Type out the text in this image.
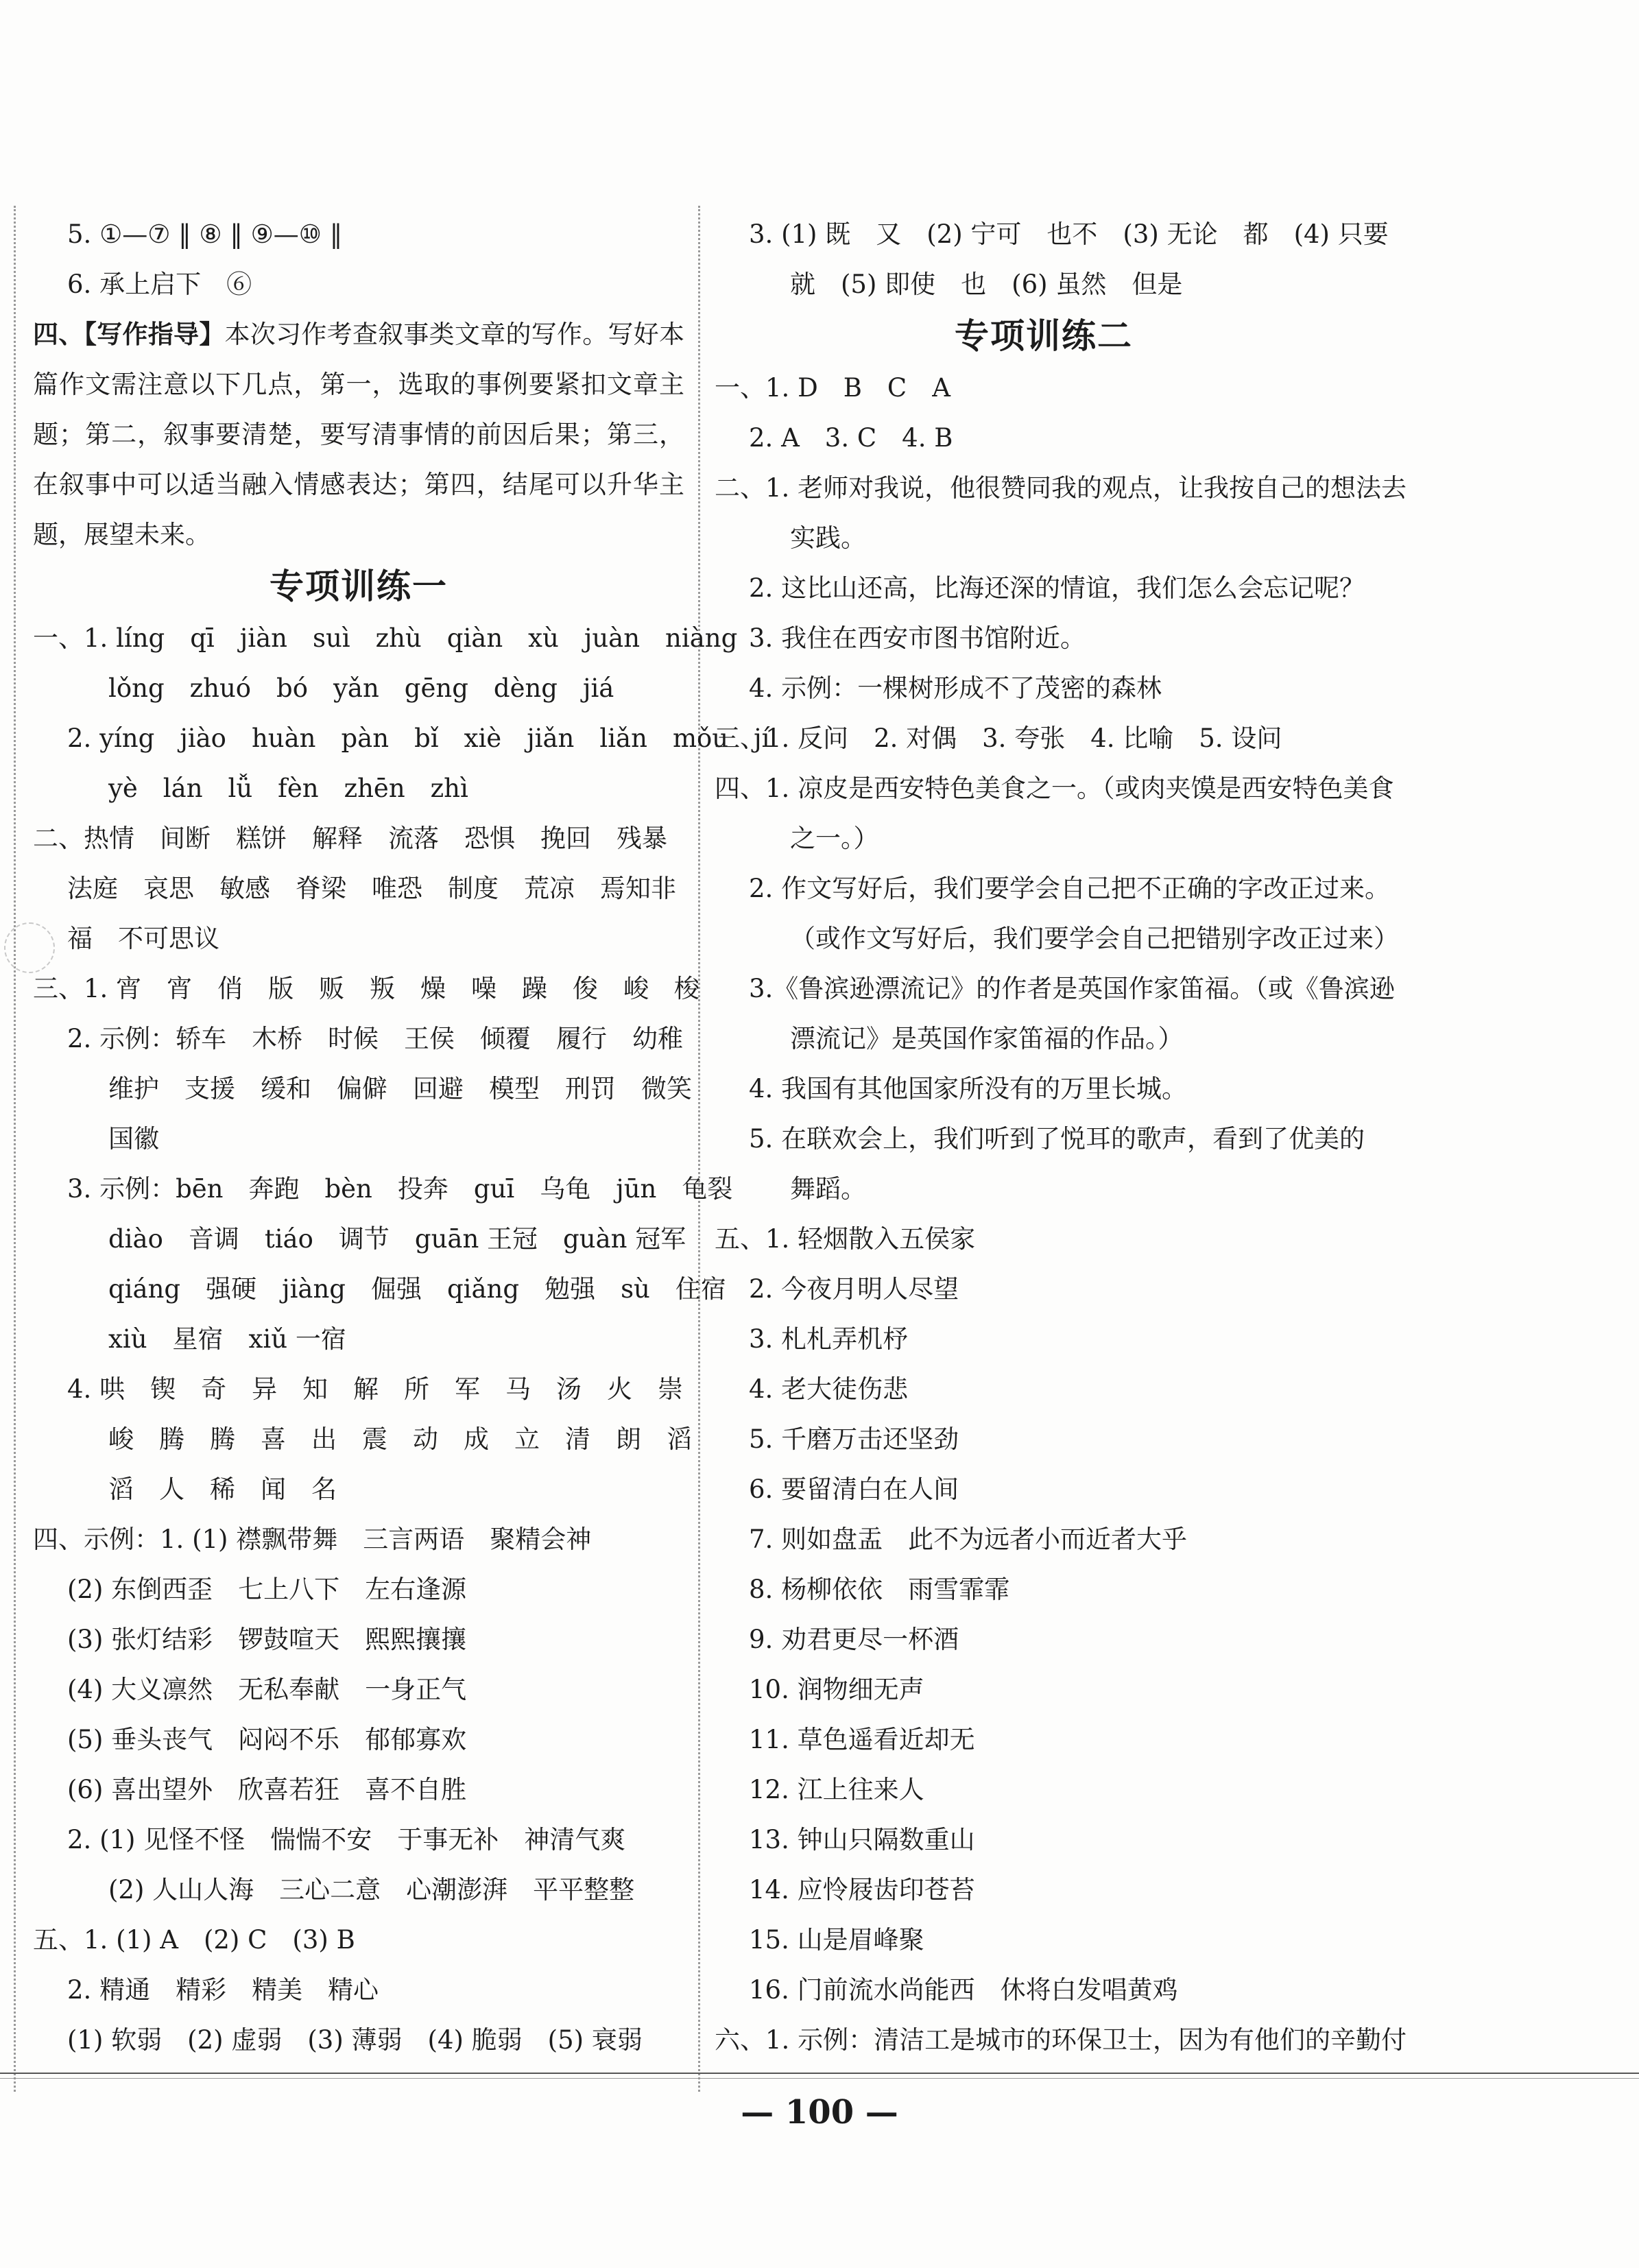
5. ①—⑦ ‖ ⑧ ‖ ⑨—⑩ ‖
6. 承上启下　⑥
四、【写作指导】本次习作考查叙事类文章的写作。写好本篇作文需注意以下几点，第一，选取的事例要紧扣文章主题；第二，叙事要清楚，要写清事情的前因后果；第三，在叙事中可以适当融入情感表达；第四，结尾可以升华主题，展望未来。
专项训练一
一、1. líng　qī　jiàn　suì　zhù　qiàn　xù　juàn　niàng
lǒng　zhuó　bó　yǎn　gēng　dèng　jiá
2. yíng　jiào　huàn　pàn　bǐ　xiè　jiǎn　liǎn　mǒu　jí
yè　lán　lǚ　fèn　zhēn　zhì
二、热情　间断　糕饼　解释　流落　恐惧　挽回　残暴
法庭　哀思　敏感　脊梁　唯恐　制度　荒凉　焉知非
福　不可思议
三、1. 宵　宵　俏　版　贩　叛　燥　噪　躁　俊　峻　梭
2. 示例：轿车　木桥　时候　王侯　倾覆　履行　幼稚
维护　支援　缓和　偏僻　回避　模型　刑罚　微笑
国徽
3. 示例：bēn　奔跑　bèn　投奔　guī　乌龟　jūn　龟裂
diào　音调　tiáo　调节　guān 王冠　guàn 冠军
qiáng　强硬　jiàng　倔强　qiǎng　勉强　sù　住宿
xiù　星宿　xiǔ 一宿
4. 哄　锲　奇　异　知　解　所　军　马　汤　火　崇
峻　腾　腾　喜　出　震　动　成　立　清　朗　滔
滔　人　稀　闻　名
四、示例：1. (1) 襟飘带舞　三言两语　聚精会神
(2) 东倒西歪　七上八下　左右逢源
(3) 张灯结彩　锣鼓喧天　熙熙攘攘
(4) 大义凛然　无私奉献　一身正气
(5) 垂头丧气　闷闷不乐　郁郁寡欢
(6) 喜出望外　欣喜若狂　喜不自胜
2. (1) 见怪不怪　惴惴不安　于事无补　神清气爽
(2) 人山人海　三心二意　心潮澎湃　平平整整
五、1. (1) A　(2) C　(3) B
2. 精通　精彩　精美　精心
(1) 软弱　(2) 虚弱　(3) 薄弱　(4) 脆弱　(5) 衰弱
3. (1) 既　又　(2) 宁可　也不　(3) 无论　都　(4) 只要
就　(5) 即使　也　(6) 虽然　但是
专项训练二
一、1. D　B　C　A
2. A　3. C　4. B
二、1. 老师对我说，他很赞同我的观点，让我按自己的想法去
实践。
2. 这比山还高，比海还深的情谊，我们怎么会忘记呢？
3. 我住在西安市图书馆附近。
4. 示例：一棵树形成不了茂密的森林
三、1. 反问　2. 对偶　3. 夸张　4. 比喻　5. 设问
四、1. 凉皮是西安特色美食之一。（或肉夹馍是西安特色美食
之一。）
2. 作文写好后，我们要学会自己把不正确的字改正过来。
（或作文写好后，我们要学会自己把错别字改正过来）
3.《鲁滨逊漂流记》的作者是英国作家笛福。（或《鲁滨逊
漂流记》是英国作家笛福的作品。）
4. 我国有其他国家所没有的万里长城。
5. 在联欢会上，我们听到了悦耳的歌声，看到了优美的
舞蹈。
五、1. 轻烟散入五侯家
2. 今夜月明人尽望
3. 札札弄机杼
4. 老大徒伤悲
5. 千磨万击还坚劲
6. 要留清白在人间
7. 则如盘盂　此不为远者小而近者大乎
8. 杨柳依依　雨雪霏霏
9. 劝君更尽一杯酒
10. 润物细无声
11. 草色遥看近却无
12. 江上往来人
13. 钟山只隔数重山
14. 应怜屐齿印苍苔
15. 山是眉峰聚
16. 门前流水尚能西　休将白发唱黄鸡
六、1. 示例：清洁工是城市的环保卫士，因为有他们的辛勤付
— 100 —
